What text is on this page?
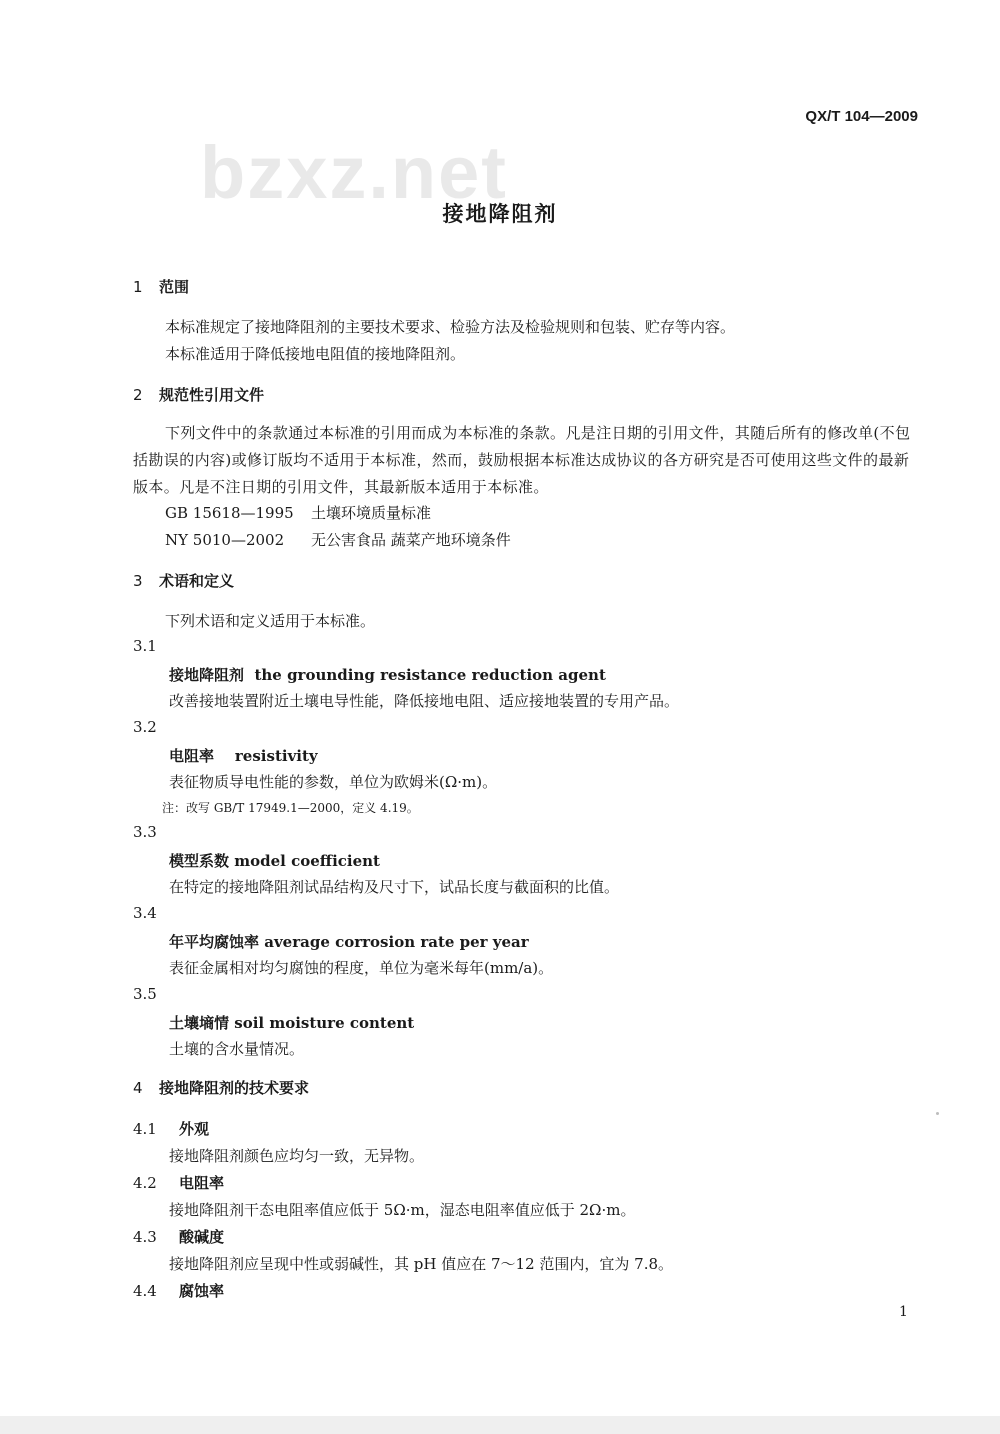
QX/T 104—2009
bzxz.net
接地降阻剂
1 范围
本标准规定了接地降阻剂的主要技术要求、检验方法及检验规则和包装、贮存等内容。
本标准适用于降低接地电阻值的接地降阻剂。
2 规范性引用文件
下列文件中的条款通过本标准的引用而成为本标准的条款。凡是注日期的引用文件，其随后所有的修改单(不包括勘误的内容)或修订版均不适用于本标准，然而，鼓励根据本标准达成协议的各方研究是否可使用这些文件的最新版本。凡是不注日期的引用文件，其最新版本适用于本标准。
GB 15618—1995 土壤环境质量标准
NY 5010—2002 无公害食品 蔬菜产地环境条件
3 术语和定义
下列术语和定义适用于本标准。
3.1
接地降阻剂 the grounding resistance reduction agent
改善接地装置附近土壤电导性能，降低接地电阻、适应接地装置的专用产品。
3.2
电阻率 resistivity
表征物质导电性能的参数，单位为欧姆米(Ω·m)。
注：改写 GB/T 17949.1—2000，定义 4.19。
3.3
模型系数 model coefficient
在特定的接地降阻剂试品结构及尺寸下，试品长度与截面积的比值。
3.4
年平均腐蚀率 average corrosion rate per year
表征金属相对均匀腐蚀的程度，单位为毫米每年(mm/a)。
3.5
土壤墒情 soil moisture content
土壤的含水量情况。
4 接地降阻剂的技术要求
4.1 外观
接地降阻剂颜色应均匀一致，无异物。
4.2 电阻率
接地降阻剂干态电阻率值应低于 5Ω·m，湿态电阻率值应低于 2Ω·m。
4.3 酸碱度
接地降阻剂应呈现中性或弱碱性，其 pH 值应在 7～12 范围内，宜为 7.8。
4.4 腐蚀率
1
